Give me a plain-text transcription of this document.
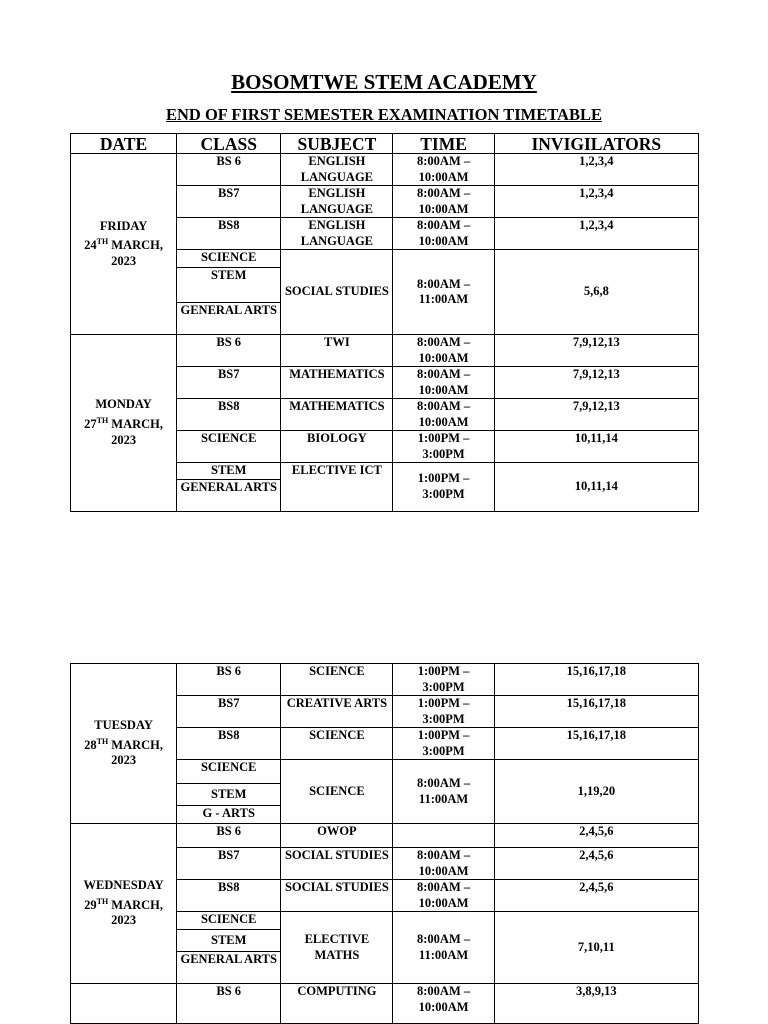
BOSOMTWE STEM ACADEMY
END OF FIRST SEMESTER EXAMINATION TIMETABLE
DATE	CLASS	SUBJECT	TIME	INVIGILATORS
FRIDAY
24TH MARCH,
2023	BS 6	ENGLISH LANGUAGE	8:00AM – 10:00AM	1,2,3,4
	BS7	ENGLISH LANGUAGE	8:00AM – 10:00AM	1,2,3,4
	BS8	ENGLISH LANGUAGE	8:00AM – 10:00AM	1,2,3,4
	SCIENCE	SOCIAL STUDIES	8:00AM – 11:00AM	5,6,8
	STEM			

	GENERAL ARTS			
MONDAY
27TH MARCH,
2023	BS 6	TWI	8:00AM – 10:00AM	7,9,12,13
	BS7	MATHEMATICS	8:00AM – 10:00AM	7,9,12,13
	BS8	MATHEMATICS	8:00AM – 10:00AM	7,9,12,13
	SCIENCE	BIOLOGY	1:00PM – 3:00PM	10,11,14
	STEM	ELECTIVE ICT	1:00PM – 3:00PM	10,11,14
	GENERAL ARTS			
TUESDAY
28TH MARCH,
2023	BS 6	SCIENCE	1:00PM – 3:00PM	15,16,17,18
	BS7	CREATIVE ARTS	1:00PM – 3:00PM	15,16,17,18
	BS8	SCIENCE	1:00PM – 3:00PM	15,16,17,18
	SCIENCE	SCIENCE	8:00AM – 11:00AM	1,19,20
	STEM			
	G - ARTS			
WEDNESDAY
29TH MARCH,
2023	BS 6	OWOP		2,4,5,6
	BS7	SOCIAL STUDIES	8:00AM – 10:00AM	2,4,5,6
	BS8	SOCIAL STUDIES	8:00AM – 10:00AM	2,4,5,6
	SCIENCE	ELECTIVE MATHS	8:00AM – 11:00AM	7,10,11
	STEM			
	GENERAL ARTS			
	BS 6	COMPUTING	8:00AM – 10:00AM	3,8,9,13
